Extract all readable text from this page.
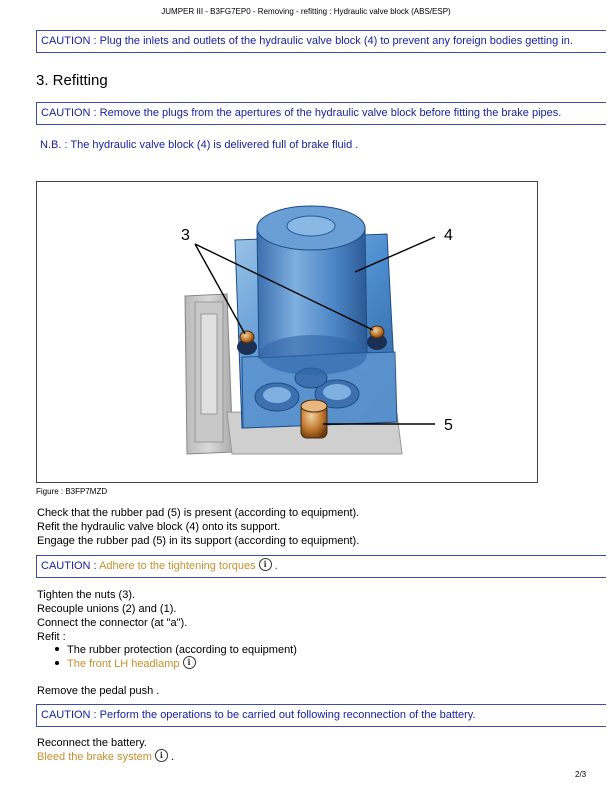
JUMPER III - B3FG7EP0 - Removing - refitting : Hydraulic valve block (ABS/ESP)
CAUTION : Plug the inlets and outlets of the hydraulic valve block (4) to prevent any foreign bodies getting in.
3. Refitting
CAUTION : Remove the plugs from the apertures of the hydraulic valve block before fitting the brake pipes.
N.B. : The hydraulic valve block (4) is delivered full of brake fluid .
3	4
5
Figure : B3FP7MZD
Check that the rubber pad (5) is present (according to equipment).
Refit the hydraulic valve block (4) onto its support.
Engage the rubber pad (5) in its support (according to equipment).
CAUTION : Adhere to the tightening torques i .
Tighten the nuts (3).
Recouple unions (2) and (1).
Connect the connector (at "a").
Refit :
The rubber protection (according to equipment)
The front LH headlamp i
Remove the pedal push .
CAUTION : Perform the operations to be carried out following reconnection of the battery.
Reconnect the battery.
Bleed the brake system i .
2/3
